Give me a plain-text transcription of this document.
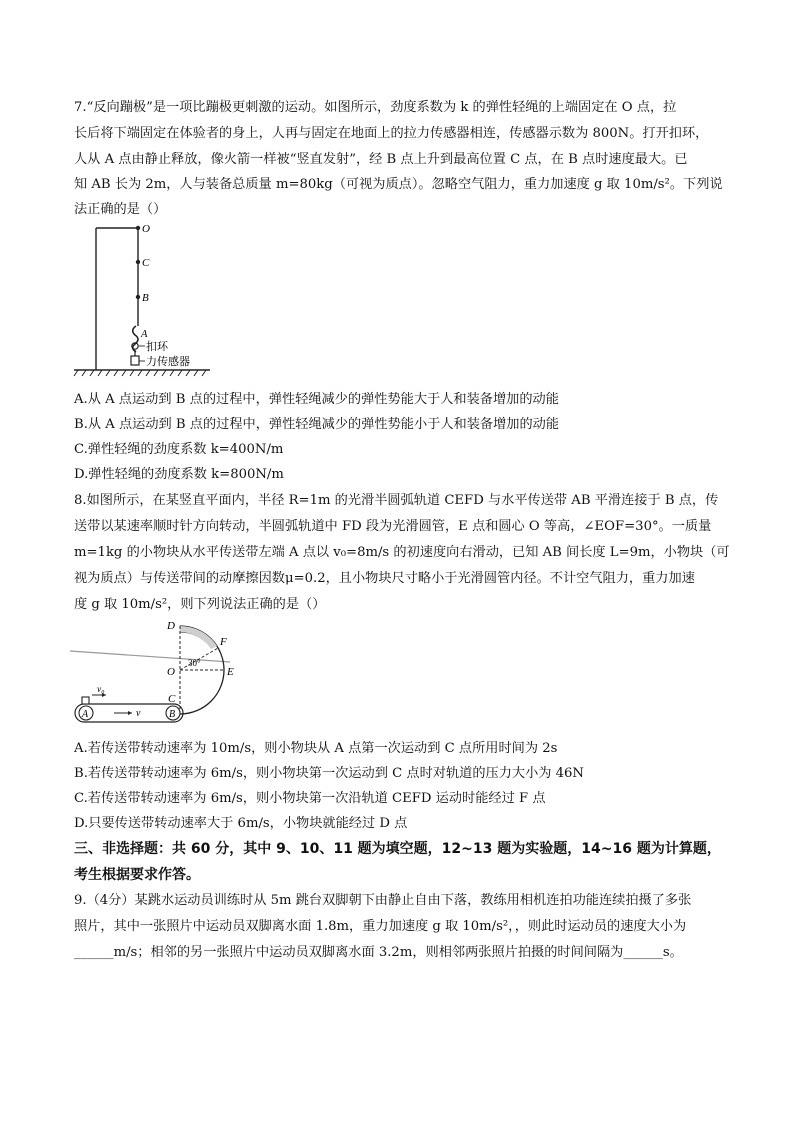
7.“反向蹦极”是一项比蹦极更刺激的运动。如图所示，劲度系数为 k 的弹性轻绳的上端固定在 O 点，拉
长后将下端固定在体验者的身上，人再与固定在地面上的拉力传感器相连，传感器示数为 800N。打开扣环，
人从 A 点由静止释放，像火箭一样被“竖直发射”，经 B 点上升到最高位置 C 点，在 B 点时速度最大。已
知 AB 长为 2m，人与装备总质量 m=80kg（可视为质点）。忽略空气阻力，重力加速度 g 取 10m/s²。下列说
法正确的是（）
O
C
B
A
扣环
力传感器
A.从 A 点运动到 B 点的过程中，弹性轻绳减少的弹性势能大于人和装备增加的动能
B.从 A 点运动到 B 点的过程中，弹性轻绳减少的弹性势能小于人和装备增加的动能
C.弹性轻绳的劲度系数 k=400N/m
D.弹性轻绳的劲度系数 k=800N/m
8.如图所示，在某竖直平面内，半径 R=1m 的光滑半圆弧轨道 CEFD 与水平传送带 AB 平滑连接于 B 点，传
送带以某速率顺时针方向转动，半圆弧轨道中 FD 段为光滑圆管，E 点和圆心 O 等高，∠EOF=30°。一质量
m=1kg 的小物块从水平传送带左端 A 点以 v₀=8m/s 的初速度向右滑动，已知 AB 间长度 L=9m，小物块（可
视为质点）与传送带间的动摩擦因数μ=0.2，且小物块尺寸略小于光滑圆管内径。不计空气阻力，重力加速
度 g 取 10m/s²，则下列说法正确的是（）
D
F
30°
O	E
C
A	B
v₀
v
A.若传送带转动速率为 10m/s，则小物块从 A 点第一次运动到 C 点所用时间为 2s
B.若传送带转动速率为 6m/s，则小物块第一次运动到 C 点时对轨道的压力大小为 46N
C.若传送带转动速率为 6m/s，则小物块第一次沿轨道 CEFD 运动时能经过 F 点
D.只要传送带转动速率大于 6m/s，小物块就能经过 D 点
三、非选择题：共 60 分，其中 9、10、11 题为填空题，12~13 题为实验题，14~16 题为计算题，
考生根据要求作答。
9.（4分）某跳水运动员训练时从 5m 跳台双脚朝下由静止自由下落，教练用相机连拍功能连续拍摄了多张
照片，其中一张照片中运动员双脚离水面 1.8m，重力加速度 g 取 10m/s²，，则此时运动员的速度大小为
______m/s；相邻的另一张照片中运动员双脚离水面 3.2m，则相邻两张照片拍摄的时间间隔为______s。
